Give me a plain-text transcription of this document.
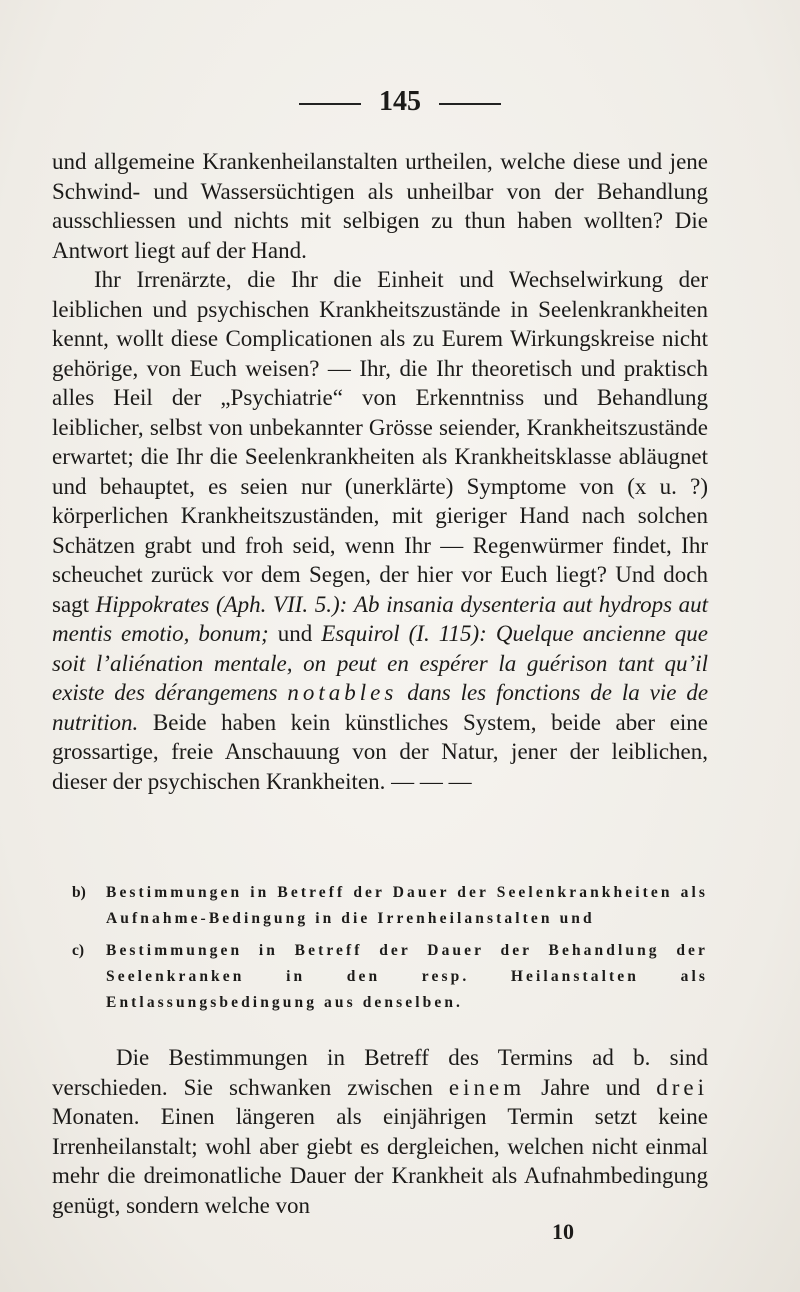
145

und allgemeine Krankenheilanstalten urtheilen, welche diese und jene Schwind- und Wassersüchtigen als unheilbar von der Behandlung ausschliessen und nichts mit selbigen zu thun haben wollten? Die Antwort liegt auf der Hand.

Ihr Irrenärzte, die Ihr die Einheit und Wechselwirkung der leiblichen und psychischen Krankheitszustände in Seelenkrankheiten kennt, wollt diese Complicationen als zu Eurem Wirkungskreise nicht gehörige, von Euch weisen? — Ihr, die Ihr theoretisch und praktisch alles Heil der „Psychiatrie“ von Erkenntniss und Behandlung leiblicher, selbst von unbekannter Grösse seiender, Krankheitszustände erwartet; die Ihr die Seelenkrankheiten als Krankheitsklasse abläugnet und behauptet, es seien nur (unerklärte) Symptome von (x u. ?) körperlichen Krankheitszuständen, mit gieriger Hand nach solchen Schätzen grabt und froh seid, wenn Ihr — Regenwürmer findet, Ihr scheuchet zurück vor dem Segen, der hier vor Euch liegt? Und doch sagt Hippokrates (Aph. VII. 5.): Ab insania dysenteria aut hydrops aut mentis emotio, bonum; und Esquirol (I. 115): Quelque ancienne que soit l’aliénation mentale, on peut en espérer la guérison tant qu’il existe des dérangemens notables dans les fonctions de la vie de nutrition. Beide haben kein künstliches System, beide aber eine grossartige, freie Anschauung von der Natur, jener der leiblichen, dieser der psychischen Krankheiten. — — —

b)	Bestimmungen in Betreff der Dauer der Seelenkrankheiten als Aufnahme-Bedingung in die Irrenheilanstalten und
c)	Bestimmungen in Betreff der Dauer der Behandlung der Seelenkranken in den resp. Heilanstalten als Entlassungsbedingung aus denselben.

Die Bestimmungen in Betreff des Termins ad b. sind verschieden. Sie schwanken zwischen einem Jahre und drei Monaten. Einen längeren als einjährigen Termin setzt keine Irrenheilanstalt; wohl aber giebt es dergleichen, welchen nicht einmal mehr die dreimonatliche Dauer der Krankheit als Aufnahmbedingung genügt, sondern welche von

10
